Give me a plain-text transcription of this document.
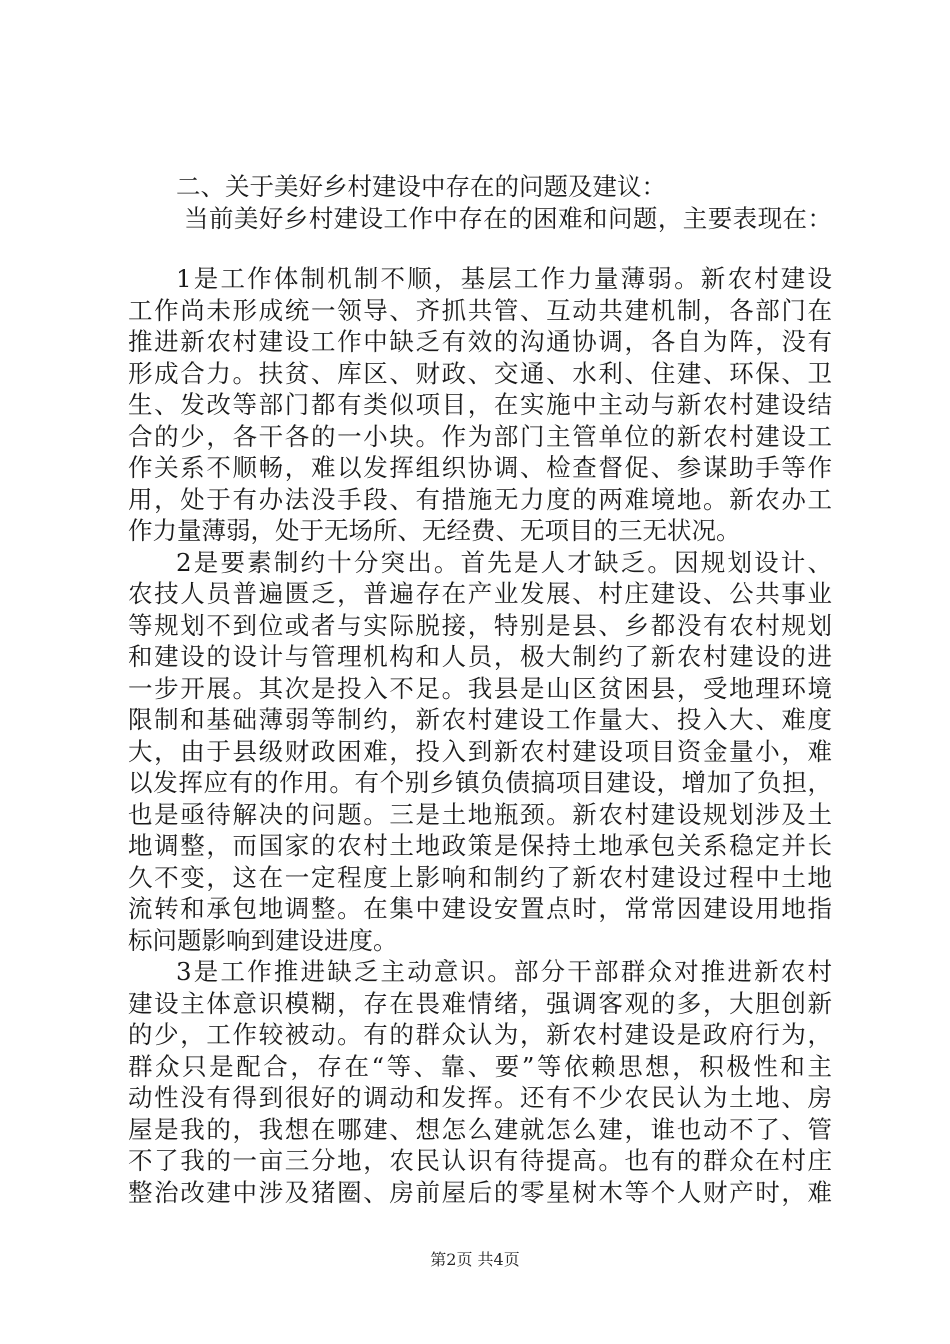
二、关于美好乡村建设中存在的问题及建议：
当前美好乡村建设工作中存在的困难和问题，主要表现在：
1是工作体制机制不顺，基层工作力量薄弱。新农村建设
工作尚未形成统一领导、齐抓共管、互动共建机制，各部门在
推进新农村建设工作中缺乏有效的沟通协调，各自为阵，没有
形成合力。扶贫、库区、财政、交通、水利、住建、环保、卫
生、发改等部门都有类似项目，在实施中主动与新农村建设结
合的少，各干各的一小块。作为部门主管单位的新农村建设工
作关系不顺畅，难以发挥组织协调、检查督促、参谋助手等作
用，处于有办法没手段、有措施无力度的两难境地。新农办工
作力量薄弱，处于无场所、无经费、无项目的三无状况。
2是要素制约十分突出。首先是人才缺乏。因规划设计、
农技人员普遍匮乏，普遍存在产业发展、村庄建设、公共事业
等规划不到位或者与实际脱接，特别是县、乡都没有农村规划
和建设的设计与管理机构和人员，极大制约了新农村建设的进
一步开展。其次是投入不足。我县是山区贫困县，受地理环境
限制和基础薄弱等制约，新农村建设工作量大、投入大、难度
大，由于县级财政困难，投入到新农村建设项目资金量小，难
以发挥应有的作用。有个别乡镇负债搞项目建设，增加了负担，
也是亟待解决的问题。三是土地瓶颈。新农村建设规划涉及土
地调整，而国家的农村土地政策是保持土地承包关系稳定并长
久不变，这在一定程度上影响和制约了新农村建设过程中土地
流转和承包地调整。在集中建设安置点时，常常因建设用地指
标问题影响到建设进度。
3是工作推进缺乏主动意识。部分干部群众对推进新农村
建设主体意识模糊，存在畏难情绪，强调客观的多，大胆创新
的少，工作较被动。有的群众认为，新农村建设是政府行为，
群众只是配合，存在“等、靠、要”等依赖思想，积极性和主
动性没有得到很好的调动和发挥。还有不少农民认为土地、房
屋是我的，我想在哪建、想怎么建就怎么建，谁也动不了、管
不了我的一亩三分地，农民认识有待提高。也有的群众在村庄
整治改建中涉及猪圈、房前屋后的零星树木等个人财产时，难
第2页 共4页
